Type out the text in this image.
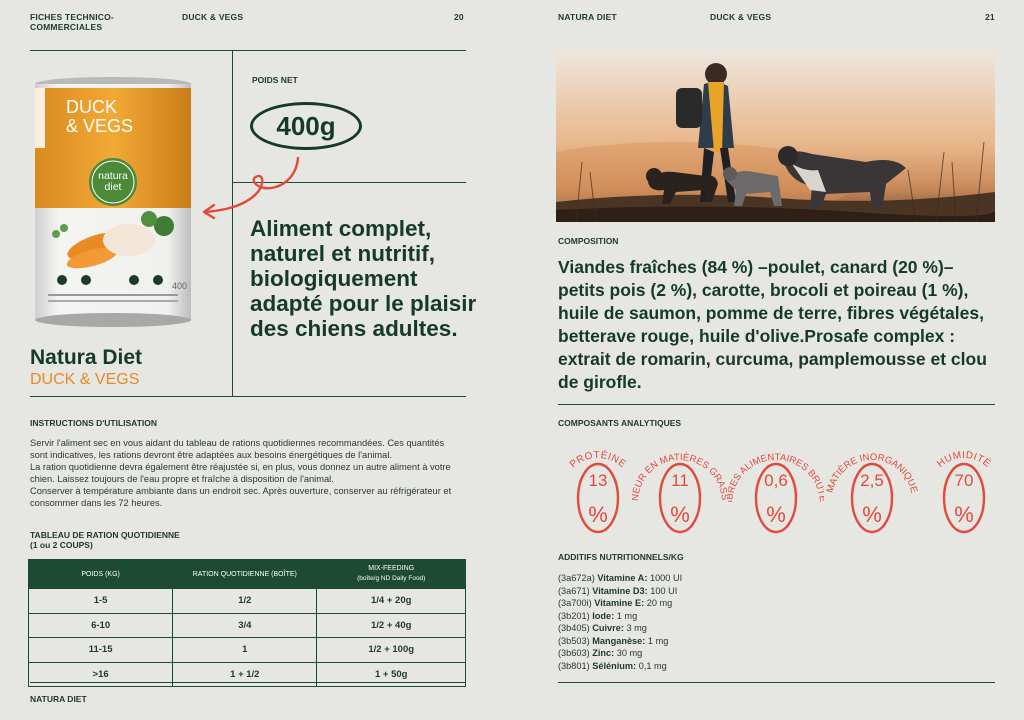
FICHES TECHNICO-
COMMERCIALES
DUCK & VEGS	20
DUCK
& VEGS
natura
diet
400
POIDS NET
400g
Aliment complet, naturel et nutritif, biologiquement adapté pour le plaisir des chiens adultes.
Natura Diet
DUCK & VEGS
INSTRUCTIONS D'UTILISATION
Servir l'aliment sec en vous aidant du tableau de rations quotidiennes recommandées. Ces quantités sont indicatives, les rations devront être adaptées aux besoins énergétiques de l'animal.
La ration quotidienne devra également être réajustée si, en plus, vous donnez un autre aliment à votre chien. Laissez toujours de l'eau propre et fraîche à disposition de l'animal.
Conserver à température ambiante dans un endroit sec. Après ouverture, conserver au réfrigérateur et consommer dans les 72 heures.
TABLEAU DE RATION QUOTIDIENNE
(1 ou 2 COUPS)
POIDS (KG)	RATION QUOTIDIENNE (BOÎTE)	MIX-FEEDING
(boîte/g ND Daily Food)

1-5	1/2	1/4 + 20g
6-10	3/4	1/2 + 40g
11-15	1	1/2 + 100g
>16	1 + 1/2	1 + 50g
NATURA DIET
NATURA DIET	DUCK & VEGS	21
COMPOSITION
Viandes fraîches (84 %) –poulet, canard (20 %)– petits pois (2 %), carotte, brocoli et poireau (1 %), huile de saumon, pomme de terre, fibres végétales, betterave rouge, huile d'olive.Prosafe complex : extrait de romarin, curcuma, pamplemousse et clou de girofle.
COMPOSANTS ANALYTIQUES
PROTÉINE
13
%
EUR EN MATIÈRES GRAS
11
%
ES ALIMENTAIRES BRU
0,6
%
MATIÈRE INORGANIQUE
2,5
%
HUMIDITÉ
70
%
ADDITIFS NUTRITIONNELS/KG
(3a672a) Vitamine A: 1000 UI
(3a671) Vitamine D3: 100 UI
(3a700i) Vitamine E: 20 mg
(3b201) Iode: 1 mg
(3b405) Cuivre: 3 mg
(3b503) Manganèse: 1 mg
(3b603) Zinc: 30 mg
(3b801) Sélénium: 0,1 mg
